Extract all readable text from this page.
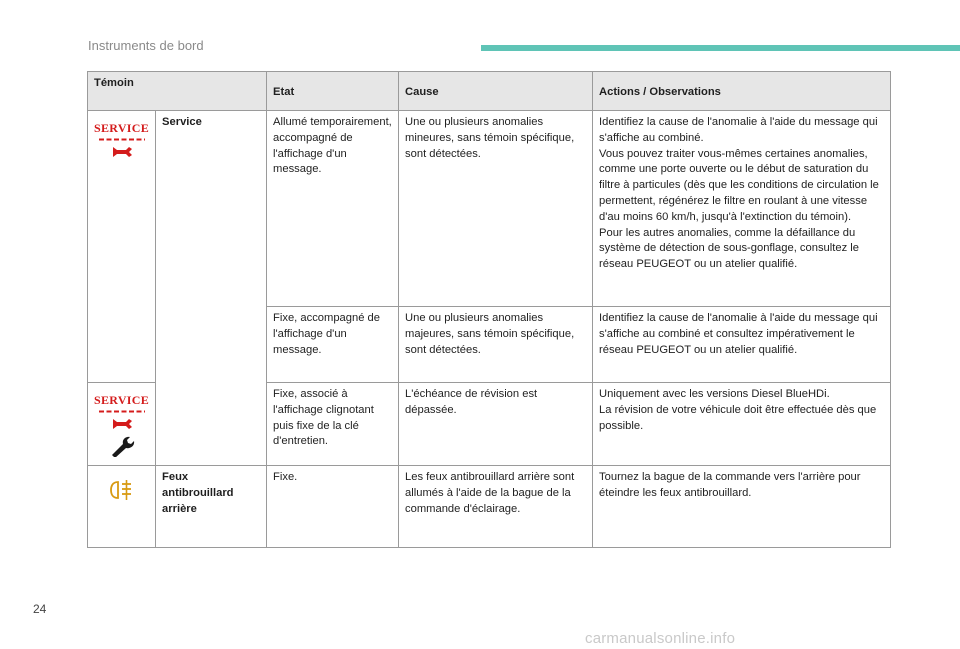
Instruments de bord
Témoin		Etat	Cause	Actions / Observations

SERVICE	Service	Allumé temporairement, accompagné de l'affichage d'un message.	Une ou plusieurs anomalies mineures, sans témoin spécifique, sont détectées.	Identifiez la cause de l'anomalie à l'aide du message qui s'affiche au combiné.
Vous pouvez traiter vous-mêmes certaines anomalies, comme une porte ouverte ou le début de saturation du filtre à particules (dès que les conditions de circulation le permettent, régénérez le filtre en roulant à une vitesse d'au moins 60 km/h, jusqu'à l'extinction du témoin).
Pour les autres anomalies, comme la défaillance du système de détection de sous-gonflage, consultez le réseau PEUGEOT ou un atelier qualifié.

		Fixe, accompagné de l'affichage d'un message.	Une ou plusieurs anomalies majeures, sans témoin spécifique, sont détectées.	Identifiez la cause de l'anomalie à l'aide du message qui s'affiche au combiné et consultez impérativement le réseau PEUGEOT ou un atelier qualifié.

SERVICE		Fixe, associé à l'affichage clignotant puis fixe de la clé d'entretien.	L'échéance de révision est dépassée.	Uniquement avec les versions Diesel BlueHDi.
La révision de votre véhicule doit être effectuée dès que possible.

	Feux antibrouillard arrière	Fixe.	Les feux antibrouillard arrière sont allumés à l'aide de la bague de la commande d'éclairage.	Tournez la bague de la commande vers l'arrière pour éteindre les feux antibrouillard.
24
carmanualsonline.info
